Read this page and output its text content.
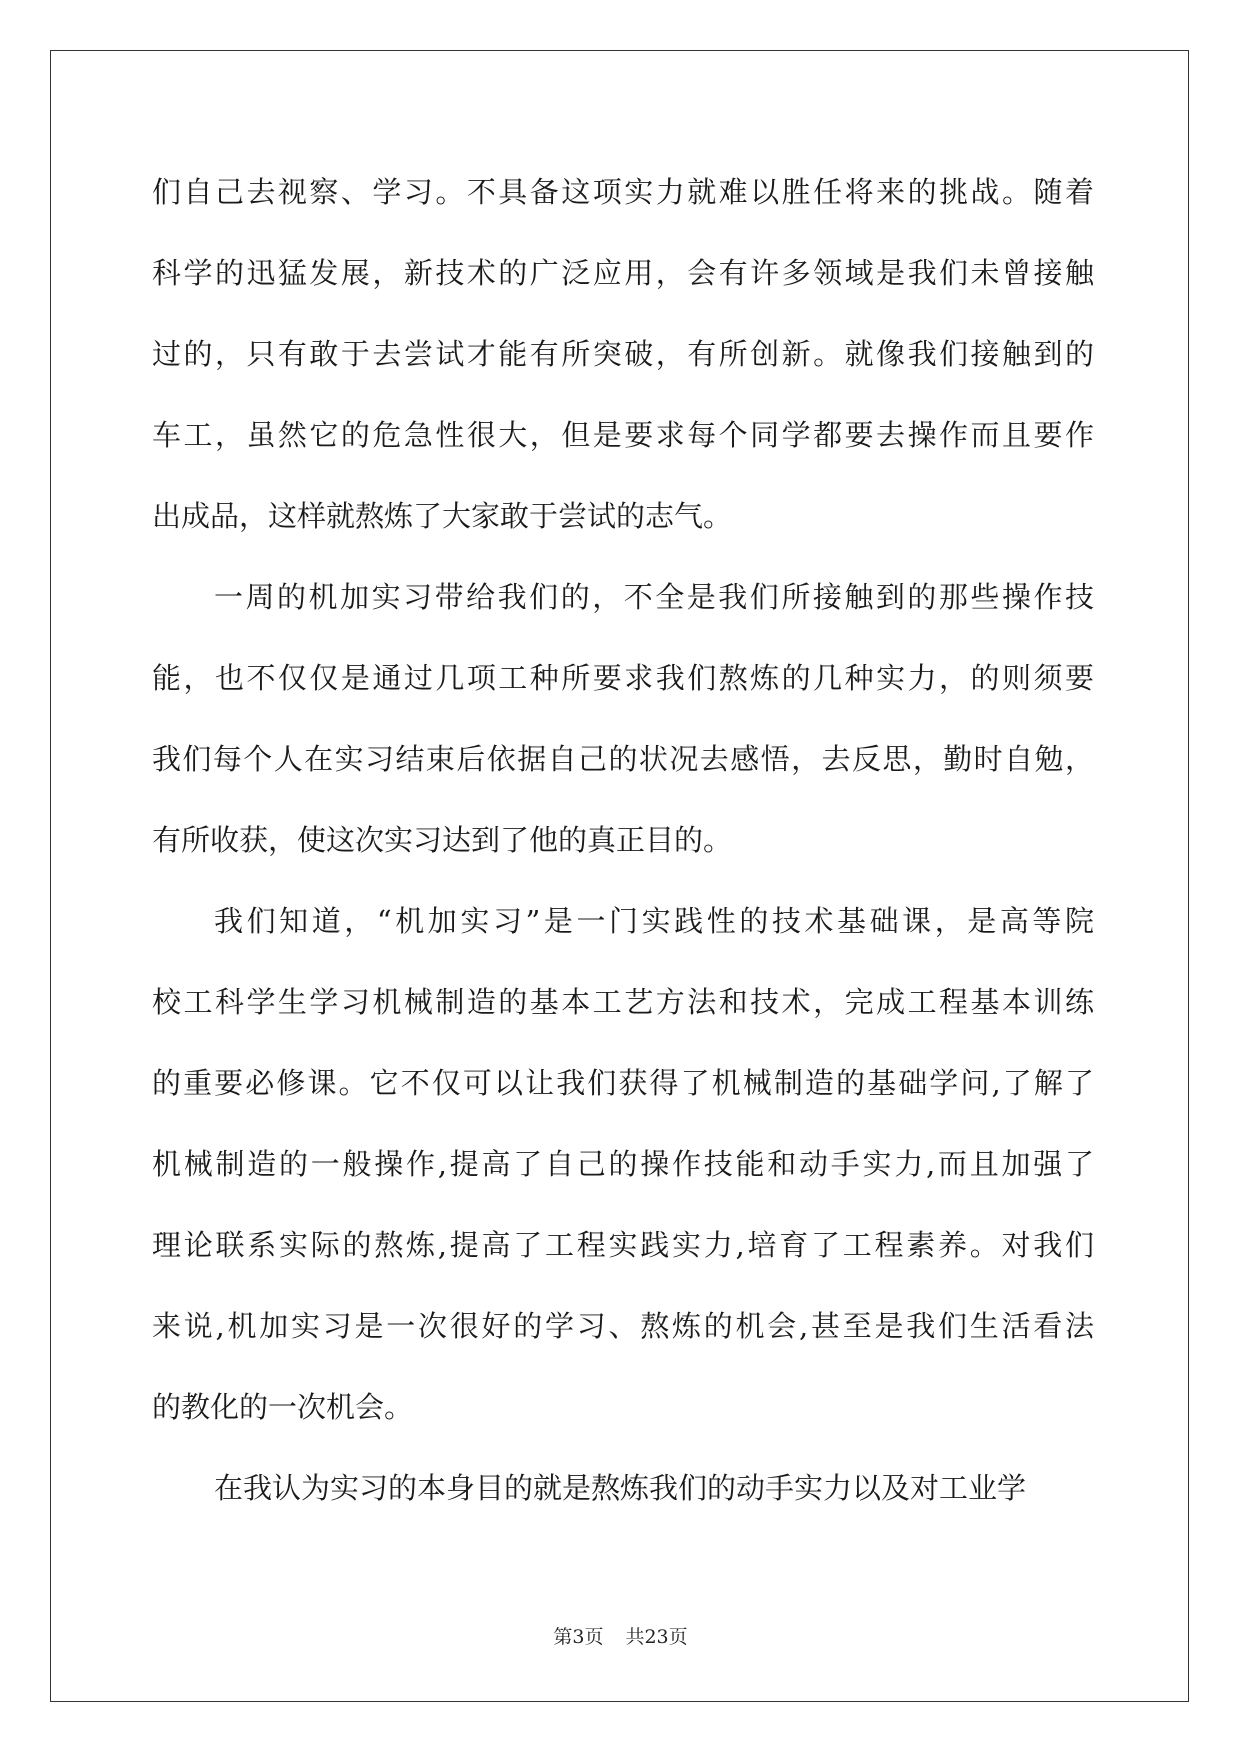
们自己去视察、学习。不具备这项实力就难以胜任将来的挑战。随着
科学的迅猛发展，新技术的广泛应用，会有许多领域是我们未曾接触
过的，只有敢于去尝试才能有所突破，有所创新。就像我们接触到的
车工，虽然它的危急性很大，但是要求每个同学都要去操作而且要作
出成品，这样就熬炼了大家敢于尝试的志气。
一周的机加实习带给我们的，不全是我们所接触到的那些操作技
能，也不仅仅是通过几项工种所要求我们熬炼的几种实力，的则须要
我们每个人在实习结束后依据自己的状况去感悟，去反思，勤时自勉，
有所收获，使这次实习达到了他的真正目的。
我们知道，“机加实习”是一门实践性的技术基础课，是高等院
校工科学生学习机械制造的基本工艺方法和技术，完成工程基本训练
的重要必修课。它不仅可以让我们获得了机械制造的基础学问,了解了
机械制造的一般操作,提高了自己的操作技能和动手实力,而且加强了
理论联系实际的熬炼,提高了工程实践实力,培育了工程素养。对我们
来说,机加实习是一次很好的学习、熬炼的机会,甚至是我们生活看法
的教化的一次机会。
在我认为实习的本身目的就是熬炼我们的动手实力以及对工业学
第3页 共23页
